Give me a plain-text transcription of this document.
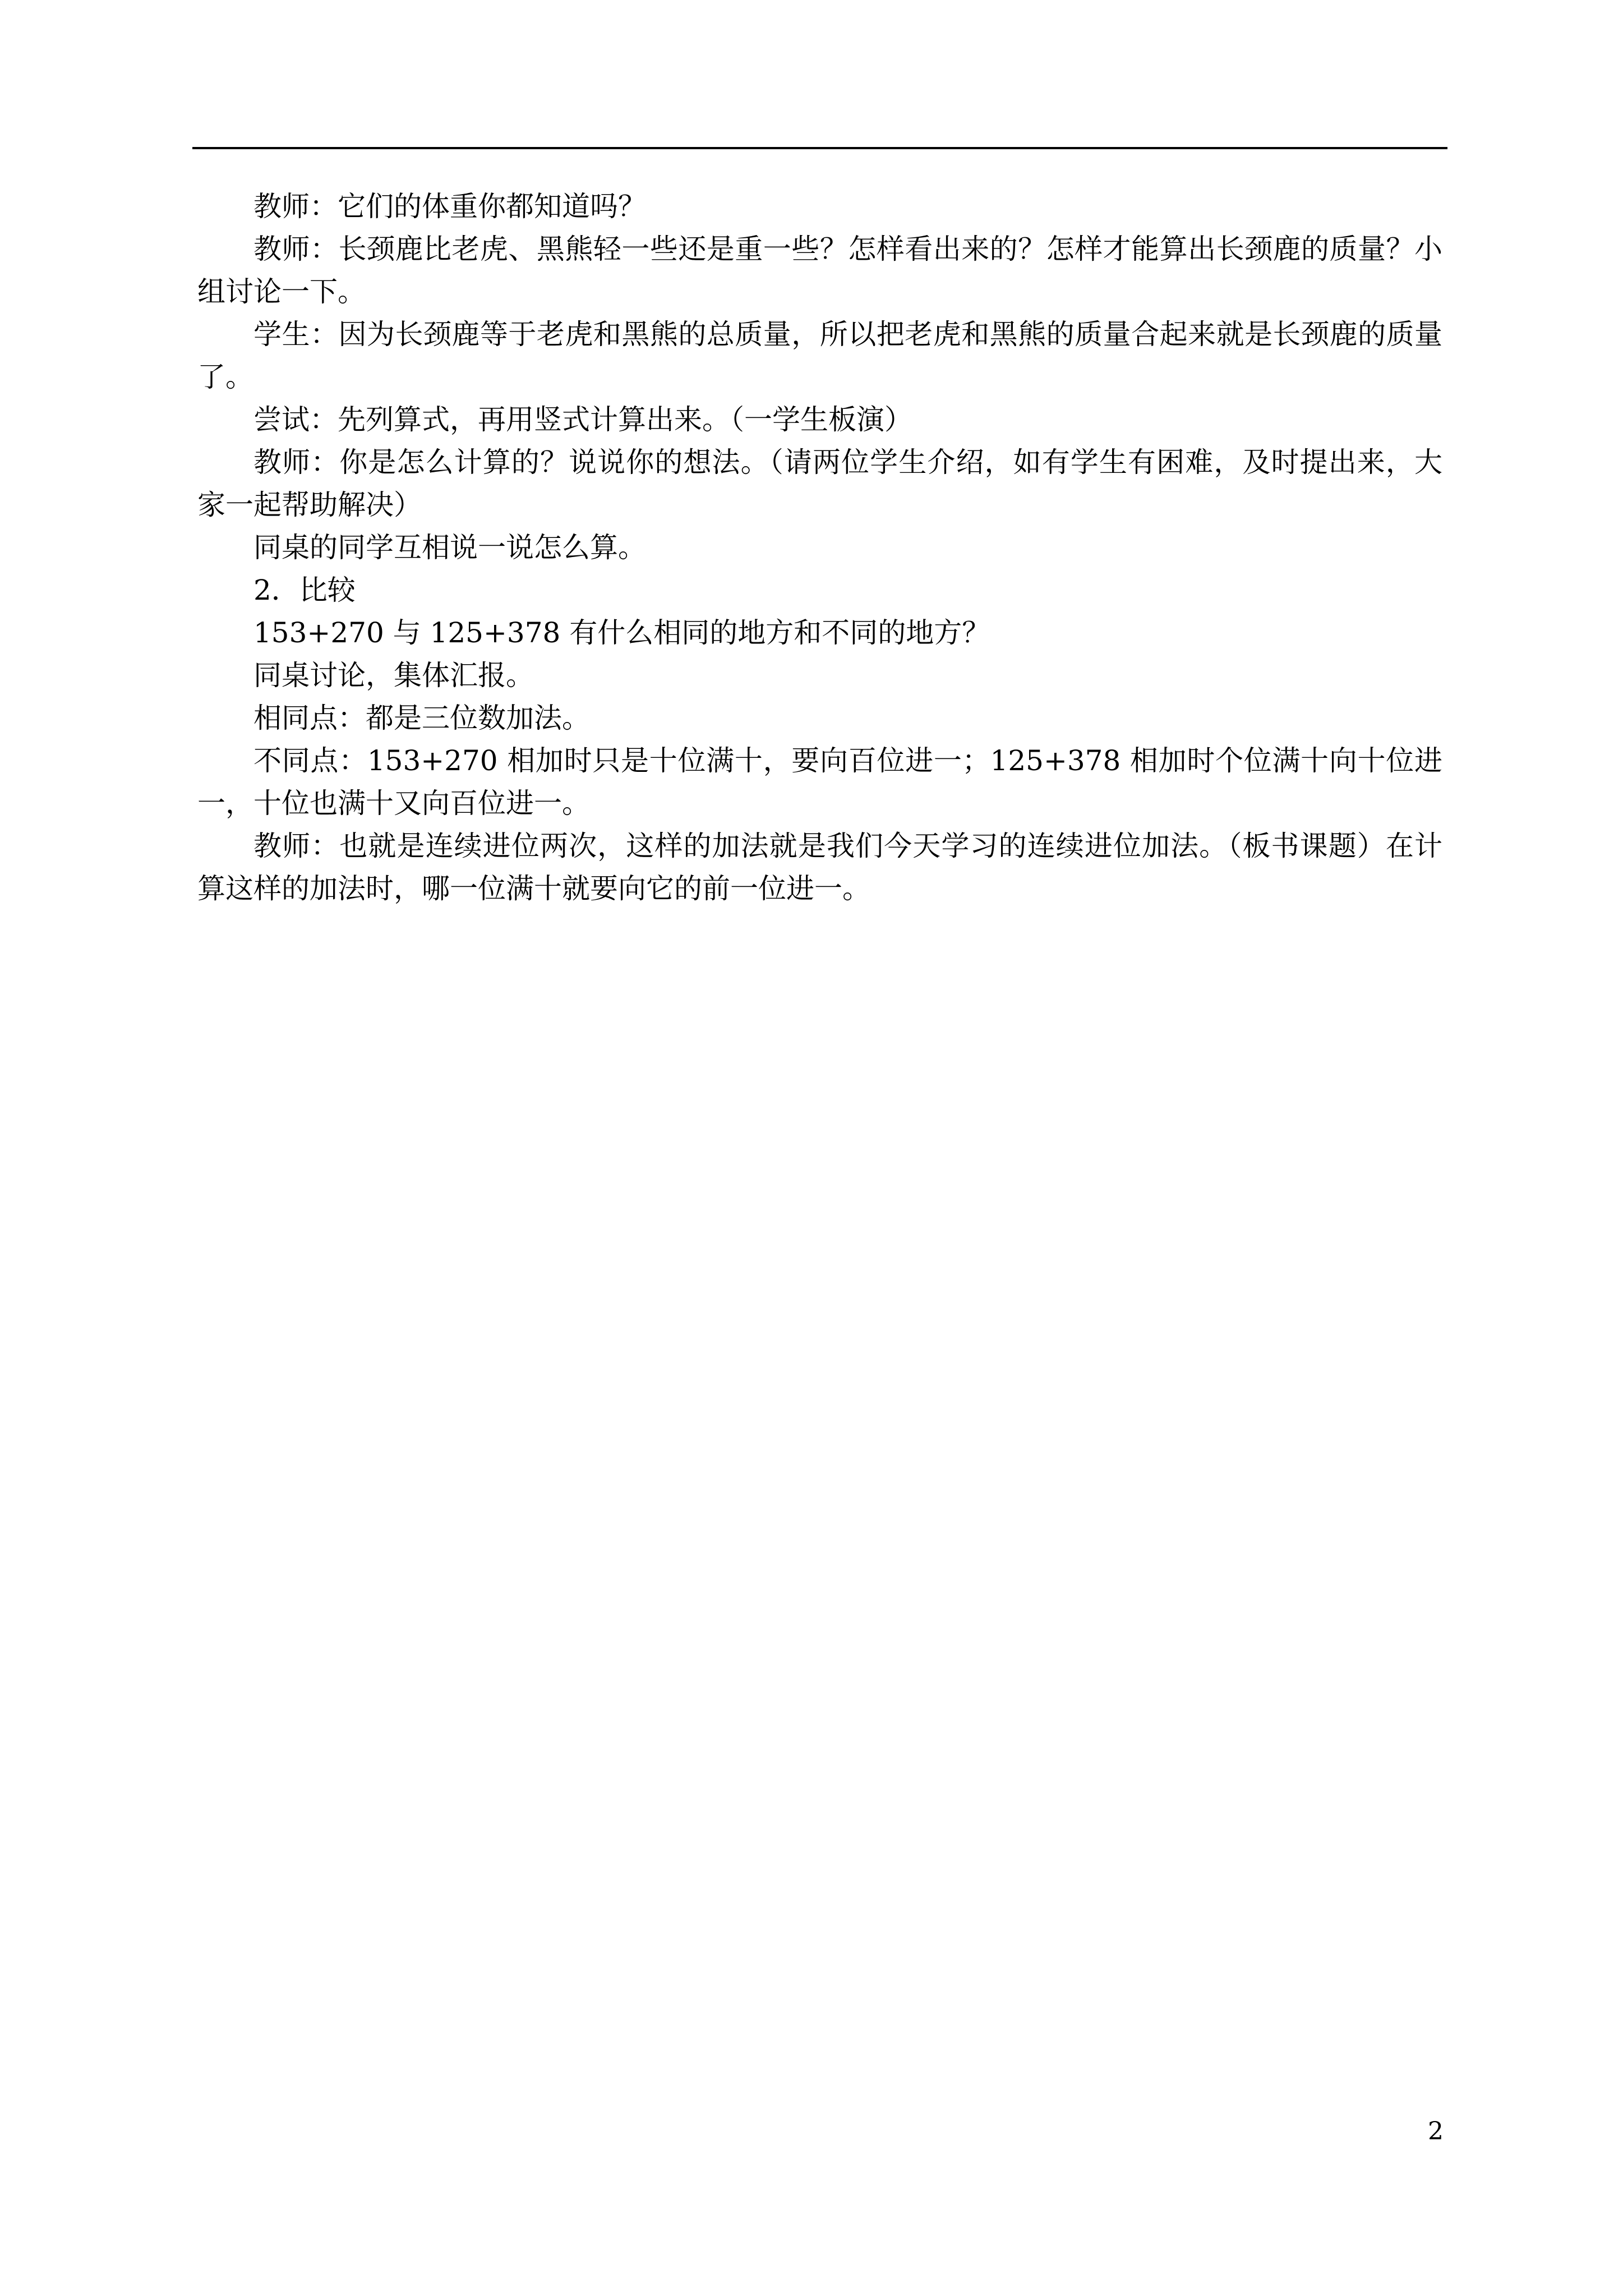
教师：它们的体重你都知道吗？

教师：长颈鹿比老虎、黑熊轻一些还是重一些？怎样看出来的？怎样才能算出长颈鹿的质量？小组讨论一下。

学生：因为长颈鹿等于老虎和黑熊的总质量，所以把老虎和黑熊的质量合起来就是长颈鹿的质量了。

尝试：先列算式，再用竖式计算出来。（一学生板演）

教师：你是怎么计算的？说说你的想法。（请两位学生介绍，如有学生有困难，及时提出来，大家一起帮助解决）

同桌的同学互相说一说怎么算。

2．比较

153+270 与 125+378 有什么相同的地方和不同的地方？

同桌讨论，集体汇报。

相同点：都是三位数加法。

不同点：153+270 相加时只是十位满十，要向百位进一；125+378 相加时个位满十向十位进一，十位也满十又向百位进一。

教师：也就是连续进位两次，这样的加法就是我们今天学习的连续进位加法。（板书课题）在计算这样的加法时，哪一位满十就要向它的前一位进一。

2
